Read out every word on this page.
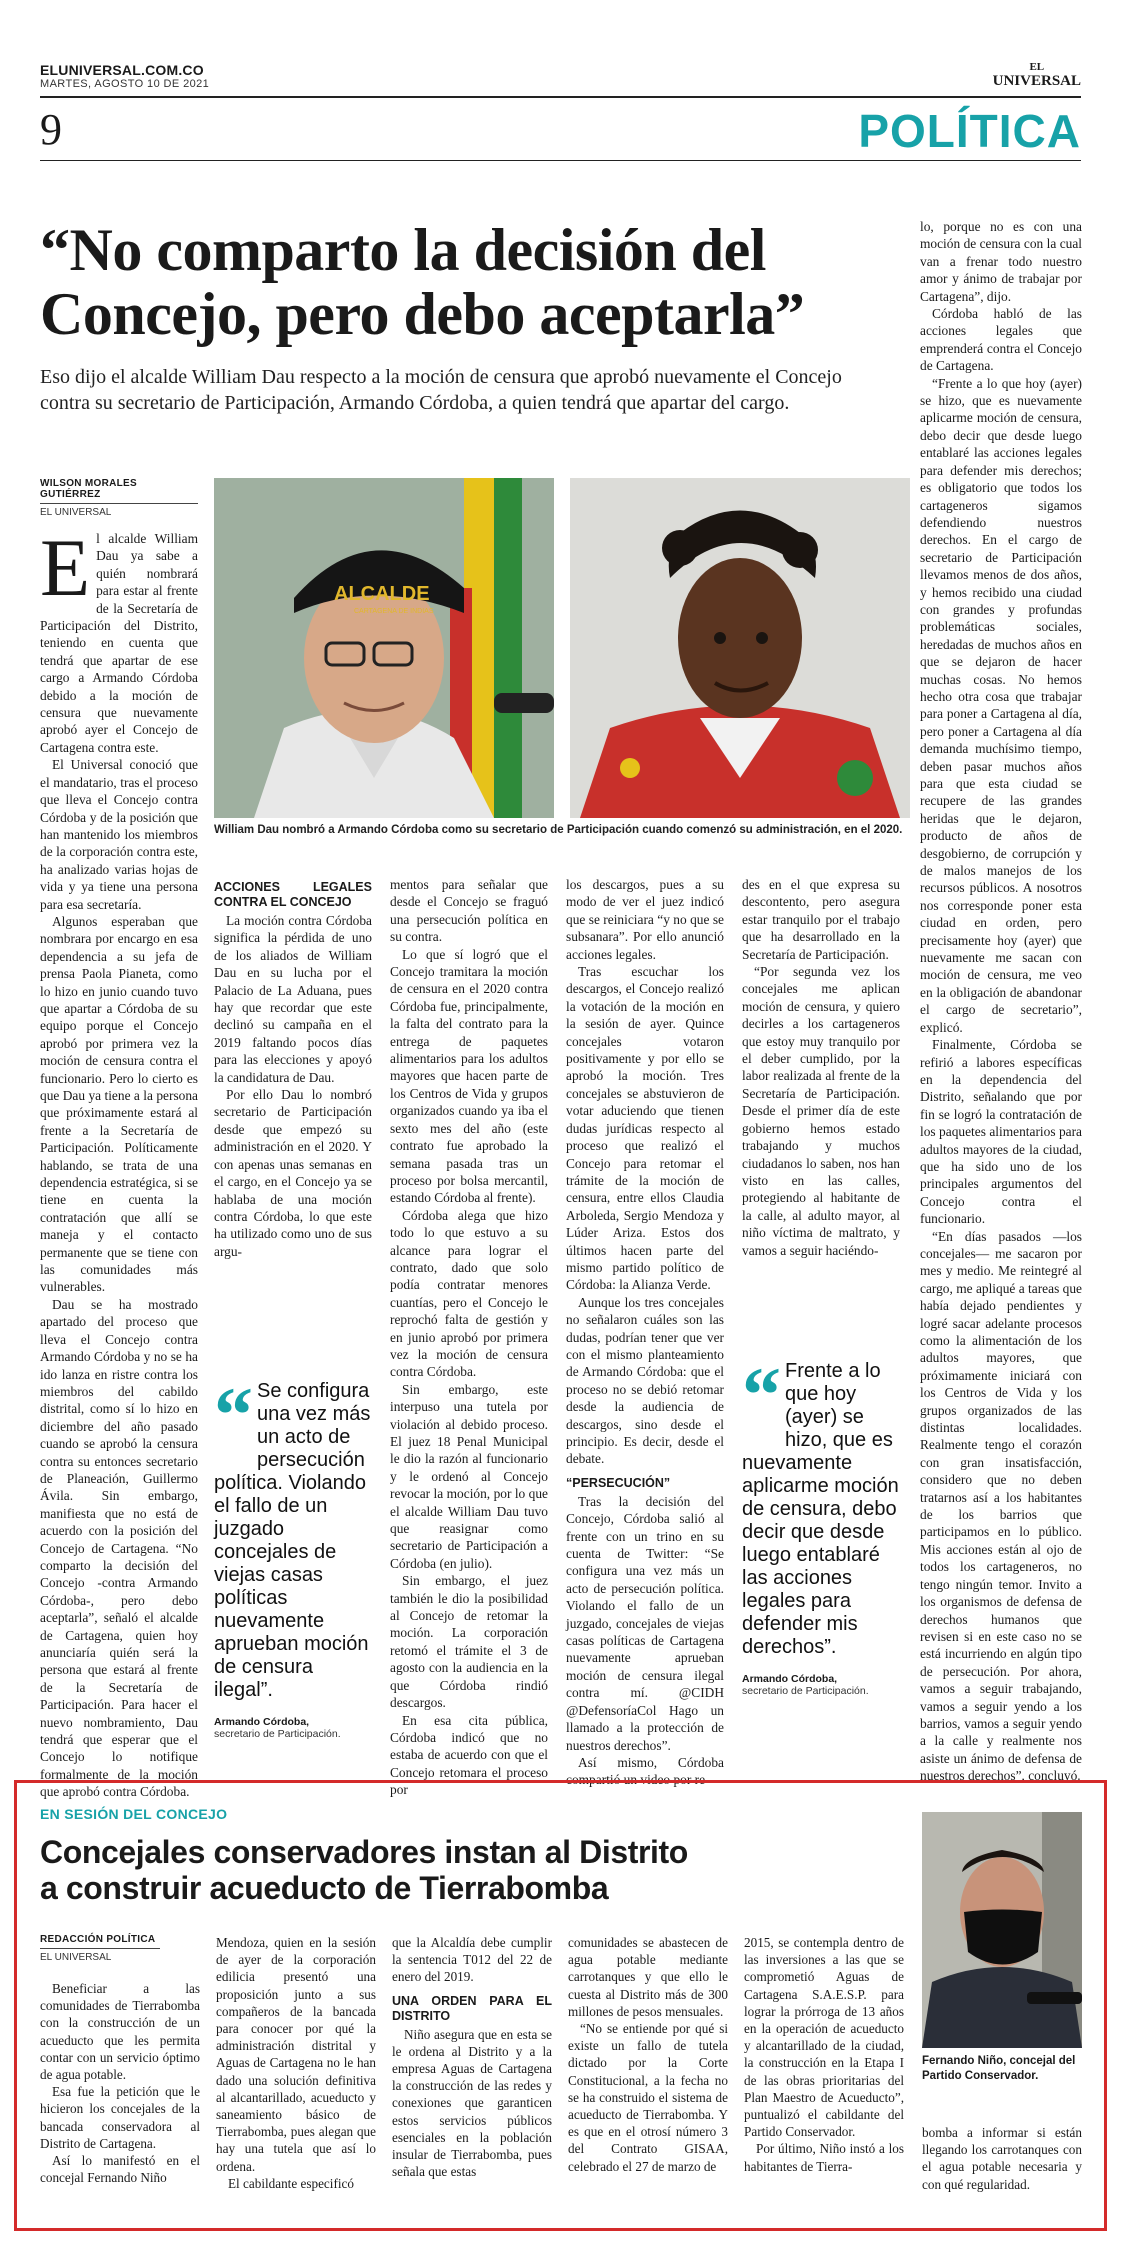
ELUNIVERSAL.COM.CO
MARTES, AGOSTO 10 DE 2021
EL
UNIVERSAL
9	POLÍTICA
“No comparto la decisión del
Concejo, pero debo aceptarla”

Eso dijo el alcalde William Dau respecto a la moción de censura que aprobó nuevamente el Concejo contra su secretario de Participación, Armando Córdoba, a quien tendrá que apartar del cargo.

WILSON MORALES GUTIÉRREZ
EL UNIVERSAL

El alcalde William Dau ya sabe a quién nombrará para estar al frente de la Secretaría de Participación del Distrito, teniendo en cuenta que tendrá que apartar de ese cargo a Armando Córdoba debido a la moción de censura que nuevamente aprobó ayer el Concejo de Cartagena contra este.

El Universal conoció que el mandatario, tras el proceso que lleva el Concejo contra Córdoba y de la posición que han mantenido los miembros de la corporación contra este, ha analizado varias hojas de vida y ya tiene una persona para esa secretaría.

Algunos esperaban que nombrara por encargo en esa dependencia a su jefa de prensa Paola Pianeta, como lo hizo en junio cuando tuvo que apartar a Córdoba de su equipo porque el Concejo aprobó por primera vez la moción de censura contra el funcionario. Pero lo cierto es que Dau ya tiene a la persona que próximamente estará al frente a la Secretaría de Participación. Políticamente hablando, se trata de una dependencia estratégica, si se tiene en cuenta la contratación que allí se maneja y el contacto permanente que se tiene con las comunidades más vulnerables.

Dau se ha mostrado apartado del proceso que lleva el Concejo contra Armando Córdoba y no se ha ido lanza en ristre contra los miembros del cabildo distrital, como sí lo hizo en diciembre del año pasado cuando se aprobó la censura contra su entonces secretario de Planeación, Guillermo Ávila. Sin embargo, manifiesta que no está de acuerdo con la posición del Concejo de Cartagena. “No comparto la decisión del Concejo -contra Armando Córdoba-, pero debo aceptarla”, señaló el alcalde de Cartagena, quien hoy anunciaría quién será la persona que estará al frente de la Secretaría de Participación. Para hacer el nuevo nombramiento, Dau tendrá que esperar que el Concejo lo notifique formalmente de la moción que aprobó contra Córdoba.

ALCALDE
CARTAGENA DE INDIAS
William Dau nombró a Armando Córdoba como su secretario de Participación cuando comenzó su administración, en el 2020.
ACCIONES LEGALES CONTRA EL CONCEJO

La moción contra Córdoba significa la pérdida de uno de los aliados de William Dau en su lucha por el Palacio de La Aduana, pues hay que recordar que este declinó su campaña en el 2019 faltando pocos días para las elecciones y apoyó la candidatura de Dau.

Por ello Dau lo nombró secretario de Participación desde que empezó su administración en el 2020. Y con apenas unas semanas en el cargo, en el Concejo ya se hablaba de una moción contra Córdoba, lo que este ha utilizado como uno de sus argu-

“ Se configura una vez más un acto de persecución política. Violando el fallo de un juzgado concejales de viejas casas políticas nuevamente aprueban moción de censura ilegal”.
Armando Córdoba,
secretario de Participación.

mentos para señalar que desde el Concejo se fraguó una persecución política en su contra.

Lo que sí logró que el Concejo tramitara la moción de censura en el 2020 contra Córdoba fue, principalmente, la falta del contrato para la entrega de paquetes alimentarios para los adultos mayores que hacen parte de los Centros de Vida y grupos organizados cuando ya iba el sexto mes del año (este contrato fue aprobado la semana pasada tras un proceso por bolsa mercantil, estando Córdoba al frente).

Córdoba alega que hizo todo lo que estuvo a su alcance para lograr el contrato, dado que solo podía contratar menores cuantías, pero el Concejo le reprochó falta de gestión y en junio aprobó por primera vez la moción de censura contra Córdoba.

Sin embargo, este interpuso una tutela por violación al debido proceso. El juez 18 Penal Municipal le dio la razón al funcionario y le ordenó al Concejo revocar la moción, por lo que el alcalde William Dau tuvo que reasignar como secretario de Participación a Córdoba (en julio).

Sin embargo, el juez también le dio la posibilidad al Concejo de retomar la moción. La corporación retomó el trámite el 3 de agosto con la audiencia en la que Córdoba rindió descargos.

En esa cita pública, Córdoba indicó que no estaba de acuerdo con que el Concejo retomara el proceso por

los descargos, pues a su modo de ver el juez indicó que se reiniciara “y no que se subsanara”. Por ello anunció acciones legales.

Tras escuchar los descargos, el Concejo realizó la votación de la moción en la sesión de ayer. Quince concejales votaron positivamente y por ello se aprobó la moción. Tres concejales se abstuvieron de votar aduciendo que tienen dudas jurídicas respecto al proceso que realizó el Concejo para retomar el trámite de la moción de censura, entre ellos Claudia Arboleda, Sergio Mendoza y Lúder Ariza. Estos dos últimos hacen parte del mismo partido político de Córdoba: la Alianza Verde.

Aunque los tres concejales no señalaron cuáles son las dudas, podrían tener que ver con el mismo planteamiento de Armando Córdoba: que el proceso no se debió retomar desde la audiencia de descargos, sino desde el principio. Es decir, desde el debate.

“PERSECUCIÓN”

Tras la decisión del Concejo, Córdoba salió al frente con un trino en su cuenta de Twitter: “Se configura una vez más un acto de persecución política. Violando el fallo de un juzgado, concejales de viejas casas políticas de Cartagena nuevamente aprueban moción de censura ilegal contra mí. @CIDH @DefensoríaCol Hago un llamado a la protección de nuestros derechos”.

Así mismo, Córdoba compartió un video por re-

des en el que expresa su descontento, pero asegura estar tranquilo por el trabajo que ha desarrollado en la Secretaría de Participación.

“Por segunda vez los concejales me aplican moción de censura, y quiero decirles a los cartageneros que estoy muy tranquilo por el deber cumplido, por la labor realizada al frente de la Secretaría de Participación. Desde el primer día de este gobierno hemos estado trabajando y muchos ciudadanos lo saben, nos han visto en las calles, protegiendo al habitante de la calle, al adulto mayor, al niño víctima de maltrato, y vamos a seguir haciéndo-

“ Frente a lo que hoy (ayer) se hizo, que es nuevamente aplicarme moción de censura, debo decir que desde luego entablaré las acciones legales para defender mis derechos”.
Armando Córdoba,
secretario de Participación.

lo, porque no es con una moción de censura con la cual van a frenar todo nuestro amor y ánimo de trabajar por Cartagena”, dijo.

Córdoba habló de las acciones legales que emprenderá contra el Concejo de Cartagena.

“Frente a lo que hoy (ayer) se hizo, que es nuevamente aplicarme moción de censura, debo decir que desde luego entablaré las acciones legales para defender mis derechos; es obligatorio que todos los cartageneros sigamos defendiendo nuestros derechos. En el cargo de secretario de Participación llevamos menos de dos años, y hemos recibido una ciudad con grandes y profundas problemáticas sociales, heredadas de muchos años en que se dejaron de hacer muchas cosas. No hemos hecho otra cosa que trabajar para poner a Cartagena al día, pero poner a Cartagena al día demanda muchísimo tiempo, deben pasar muchos años para que esta ciudad se recupere de las grandes heridas que le dejaron, producto de años de desgobierno, de corrupción y de malos manejos de los recursos públicos. A nosotros nos corresponde poner esta ciudad en orden, pero precisamente hoy (ayer) que nuevamente me sacan con moción de censura, me veo en la obligación de abandonar el cargo de secretario”, explicó.

Finalmente, Córdoba se refirió a labores específicas en la dependencia del Distrito, señalando que por fin se logró la contratación de los paquetes alimentarios para adultos mayores de la ciudad, que ha sido uno de los principales argumentos del Concejo contra el funcionario.

“En días pasados —los concejales— me sacaron por mes y medio. Me reintegré al cargo, me apliqué a tareas que había dejado pendientes y logré sacar adelante procesos como la alimentación de los adultos mayores, que próximamente iniciará con los Centros de Vida y los grupos organizados de las distintas localidades. Realmente tengo el corazón con gran insatisfacción, considero que no deben tratarnos así a los habitantes de los barrios que participamos en lo público. Mis acciones están al ojo de todos los cartageneros, no tengo ningún temor. Invito a los organismos de defensa de derechos humanos que revisen si en este caso no se está incurriendo en algún tipo de persecución. Por ahora, vamos a seguir trabajando, vamos a seguir yendo a los barrios, vamos a seguir yendo a la calle y realmente nos asiste un ánimo de defensa de nuestros derechos”, concluyó.

EN SESIÓN DEL CONCEJO
Concejales conservadores instan al Distrito
a construir acueducto de Tierrabomba
REDACCIÓN POLÍTICA
EL UNIVERSAL

Beneficiar a las comunidades de Tierrabomba con la construcción de un acueducto que les permita contar con un servicio óptimo de agua potable.

Esa fue la petición que le hicieron los concejales de la bancada conservadora al Distrito de Cartagena.

Así lo manifestó en el concejal Fernando Niño

Mendoza, quien en la sesión de ayer de la corporación edilicia presentó una proposición junto a sus compañeros de la bancada para conocer por qué la administración distrital y Aguas de Cartagena no le han dado una solución definitiva al alcantarillado, acueducto y saneamiento básico de Tierrabomba, pues alegan que hay una tutela que así lo ordena.

El cabildante especificó

que la Alcaldía debe cumplir la sentencia T012 del 22 de enero del 2019.

UNA ORDEN PARA EL DISTRITO

Niño asegura que en esta se le ordena al Distrito y a la empresa Aguas de Cartagena la construcción de las redes y conexiones que garanticen estos servicios públicos esenciales en la población insular de Tierrabomba, pues señala que estas

comunidades se abastecen de agua potable mediante carrotanques y que ello le cuesta al Distrito más de 300 millones de pesos mensuales.

“No se entiende por qué si existe un fallo de tutela dictado por la Corte Constitucional, a la fecha no se ha construido el sistema de acueducto de Tierrabomba. Y es que en el otrosí número 3 del Contrato GISAA, celebrado el 27 de marzo de

2015, se contempla dentro de las inversiones a las que se comprometió Aguas de Cartagena S.A.E.S.P. para lograr la prórroga de 13 años en la operación de acueducto y alcantarillado de la ciudad, la construcción en la Etapa I de las obras prioritarias del Plan Maestro de Acueducto”, puntualizó el cabildante del Partido Conservador.

Por último, Niño instó a los habitantes de Tierra-

Fernando Niño, concejal del Partido Conservador.

bomba a informar si están llegando los carrotanques con el agua potable necesaria y con qué regularidad.
